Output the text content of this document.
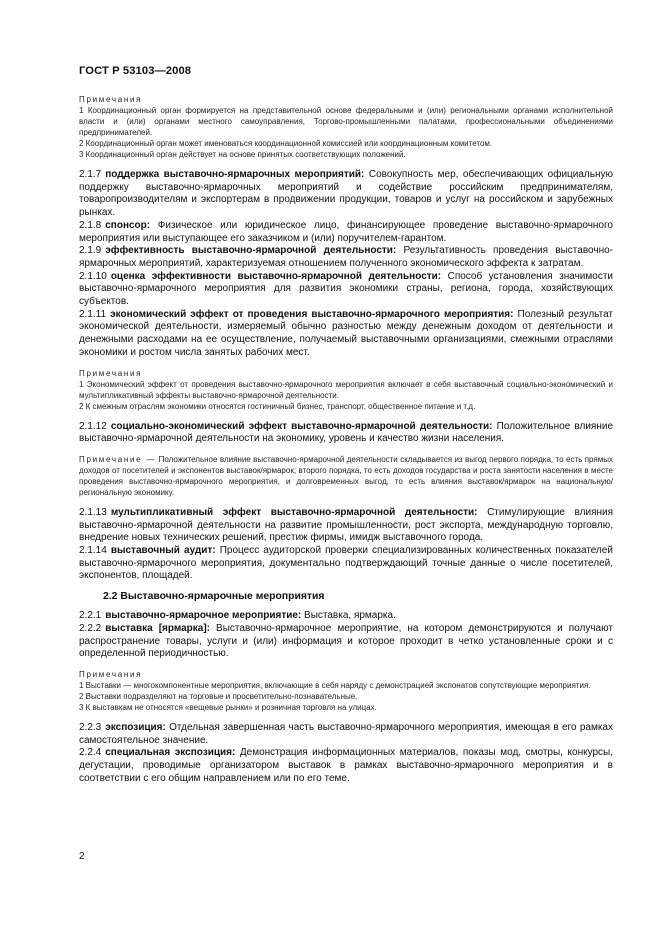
ГОСТ Р 53103—2008
Примечания
1 Координационный орган формируется на представительной основе федеральными и (или) региональными органами исполнительной власти и (или) органами местного самоуправления, Торгово-промышленными палатами, профессиональными объединениями предпринимателей.
2 Координационный орган может именоваться координационной комиссией или координационным комитетом.
3 Координационный орган действует на основе принятых соответствующих положений.

2.1.7 поддержка выставочно-ярмарочных мероприятий: Совокупность мер, обеспечивающих официальную поддержку выставочно-ярмарочных мероприятий и содействие российским предпринимателям, товаропроизводителям и экспортерам в продвижении продукции, товаров и услуг на российском и зарубежных рынках.

2.1.8 спонсор: Физическое или юридическое лицо, финансирующее проведение выставочно-ярмарочного мероприятия или выступающее его заказчиком и (или) поручителем-гарантом.

2.1.9 эффективность выставочно-ярмарочной деятельности: Результативность проведения выставочно-ярмарочных мероприятий, характеризуемая отношением полученного экономического эффекта к затратам.

2.1.10 оценка эффективности выставочно-ярмарочной деятельности: Способ установления значимости выставочно-ярмарочного мероприятия для развития экономики страны, региона, города, хозяйствующих субъектов.

2.1.11 экономический эффект от проведения выставочно-ярмарочного мероприятия: Полезный результат экономической деятельности, измеряемый обычно разностью между денежным доходом от деятельности и денежными расходами на ее осуществление, получаемый выставочными организациями, смежными отраслями экономики и ростом числа занятых рабочих мест.

Примечания
1 Экономический эффект от проведения выставочно-ярмарочного мероприятия включает в себя выставочный социально-экономический и мультипликативный эффекты выставочно-ярмарочной деятельности.
2 К смежным отраслям экономики относятся гостиничный бизнес, транспорт, общественное питание и т.д.

2.1.12 социально-экономический эффект выставочно-ярмарочной деятельности: Положительное влияние выставочно-ярмарочной деятельности на экономику, уровень и качество жизни населения.

Примечание — Положительное влияние выставочно-ярмарочной деятельности складывается из выгод первого порядка, то есть прямых доходов от посетителей и экспонентов выставок/ярмарок; второго порядка, то есть доходов государства и роста занятости населения в месте проведения выставочно-ярмарочного мероприятия, и долговременных выгод, то есть влияния выставок/ярмарок на национальную/региональную экономику.

2.1.13 мультипликативный эффект выставочно-ярмарочной деятельности: Стимулирующие влияния выставочно-ярмарочной деятельности на развитие промышленности, рост экспорта, международную торговлю, внедрение новых технических решений, престиж фирмы, имидж выставочного города.

2.1.14 выставочный аудит: Процесс аудиторской проверки специализированных количественных показателей выставочно-ярмарочного мероприятия, документально подтверждающий точные данные о числе посетителей, экспонентов, площадей.

2.2 Выставочно-ярмарочные мероприятия

2.2.1 выставочно-ярмарочное мероприятие: Выставка, ярмарка.

2.2.2 выставка [ярмарка]: Выставочно-ярмарочное мероприятие, на котором демонстрируются и получают распространение товары, услуги и (или) информация и которое проходит в четко установленные сроки и с определенной периодичностью.

Примечания
1 Выставки — многокомпонентные мероприятия, включающие в себя наряду с демонстрацией экспонатов сопутствующие мероприятия.
2 Выставки подразделяют на торговые и просветительно-познавательные.
3 К выставкам не относятся «вещевые рынки» и розничная торговля на улицах.

2.2.3 экспозиция: Отдельная завершенная часть выставочно-ярмарочного мероприятия, имеющая в его рамках самостоятельное значение.

2.2.4 специальная экспозиция: Демонстрация информационных материалов, показы мод, смотры, конкурсы, дегустации, проводимые организатором выставок в рамках выставочно-ярмарочного мероприятия и в соответствии с его общим направлением или по его теме.

2
